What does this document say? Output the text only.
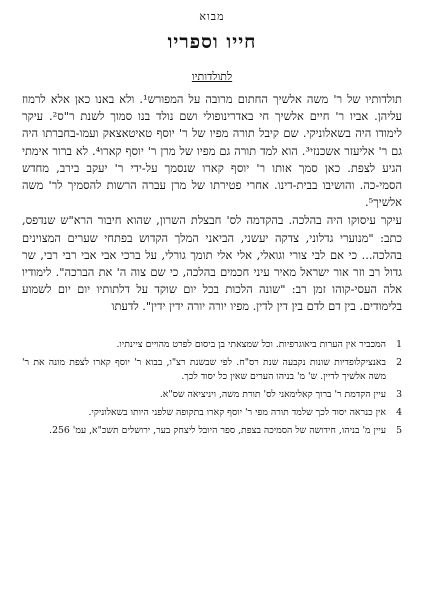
מבוא
חייו וספריו
לתולדותיו

תולדותיו של ר' משה אלשיך החתום מרובה על המפורש¹. ולא באנו כאן אלא לרמוז עליהן. אביו ר' חיים אלשיך חי באדרינופולי ושם נולד בנו סמוך לשנת ר"ס². עיקר לימודו היה בשאלוניקי. שם קיבל תורה מפיו של ר' יוסף טאיטאצאק ועמו-בחברתו היה גם ר' אליעזר אשכנזי³. הוא למד תורה גם מפיו של מרן ר' יוסף קארו⁴. לא ברור אימתי הגיע לצפת. כאן סמך אותו ר' יוסף קארו שנסמך על-ידי ר' יעקב בירב, מחדש הסמי-כה. והושיבו בבית-דינו. אחרי פטירתו של מרן עברה הרשות להסמיך לר' משה אלשיך⁵.

עיקר עיסוקו היה בהלכה. בהקדמה לס' חבצלת השרון, שהוא חיבור הרא"ש שנדפס, כתב: "מנוערי גדלוני, צדקה יעשני, הביאני המלך הקדוש בפתחי שערים המצוינים בהלכה... כי אם לבי צורי וגואלי, אלי אלי תומך גורלי, על ברכי אבי אבי רבי רבי, שר גדול רב וזר אור ישראל מאיר עיני חכמים בהלכה, כי שם צוה ה' את הברכה". לימודיו אלה העסי-קוהו זמן רב: "שונה הלכות בכל יום שוקד על דלתותיו יום יום לשמוע בלימודים. בין דם לדם בין דין לדין. מפיו יורה יורה ידין ידין". לדעתו

1
המכביר אין הערות ביאוגרפיות. וכל שמצאתי בן ביסום לפרט מהויים ציינתיו.
2
באנציקלופדיות שונות נקבעה שנת רס"ח. לפי שבשנת רצ"ו, בבוא ר' יוסף קארו לצפת מונה את ר' משה אלשיך לדיין. ש' מ' בניהו הערים שאין כל יסוד לכך.
3
עיין הקדמת ר' ברוך קאלימאני לס' תורת משה, ויניציאה שס"א.
4
אין כנראה יסוד לכך שלמד תורה מפי ר' יוסף קארו בתקופה שלפני היותו בשאלוניקי.
5
עיין מ' בניהו, חידושה של הסמיכה בצפת, ספר היובל ליצחק בער, ירושלים תשכ"א, עמ' 256.
